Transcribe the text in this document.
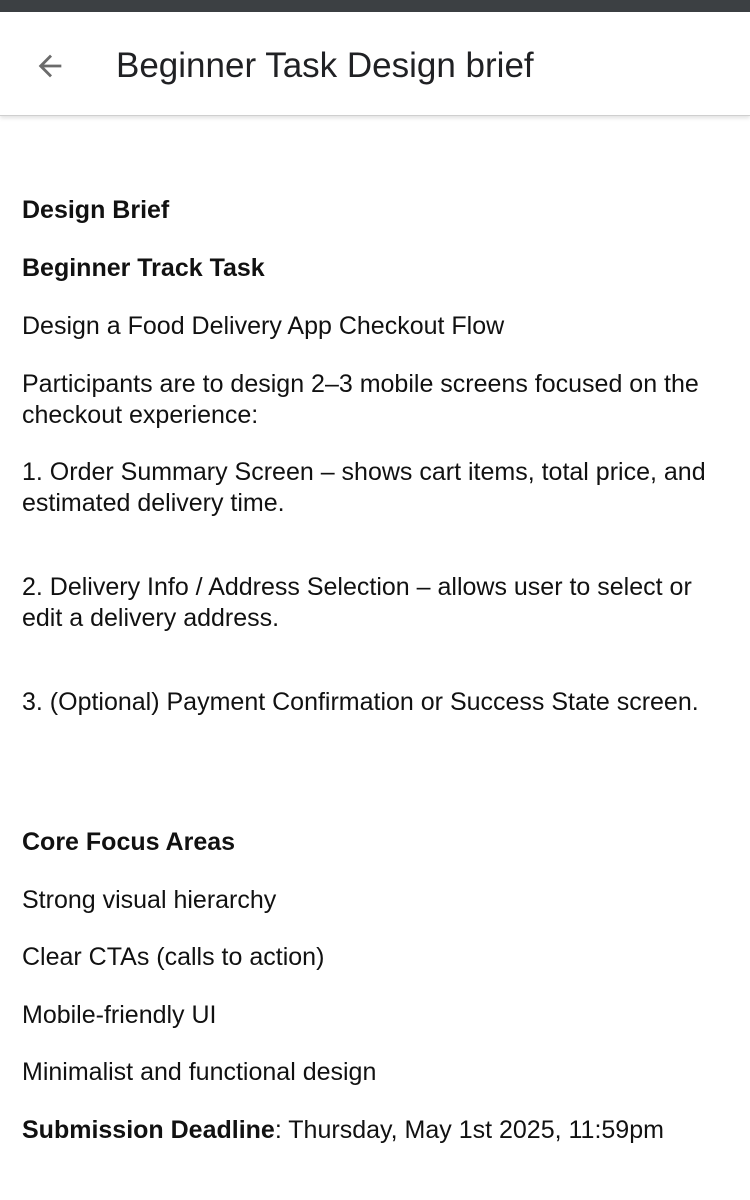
Beginner Task Design brief
Design Brief
Beginner Track Task
Design a Food Delivery App Checkout Flow
Participants are to design 2–3 mobile screens focused on the checkout experience:
1. Order Summary Screen – shows cart items, total price, and estimated delivery time.
2. Delivery Info / Address Selection – allows user to select or edit a delivery address.
3. (Optional) Payment Confirmation or Success State screen.
Core Focus Areas
Strong visual hierarchy
Clear CTAs (calls to action)
Mobile-friendly UI
Minimalist and functional design
Submission Deadline: Thursday, May 1st 2025, 11:59pm
